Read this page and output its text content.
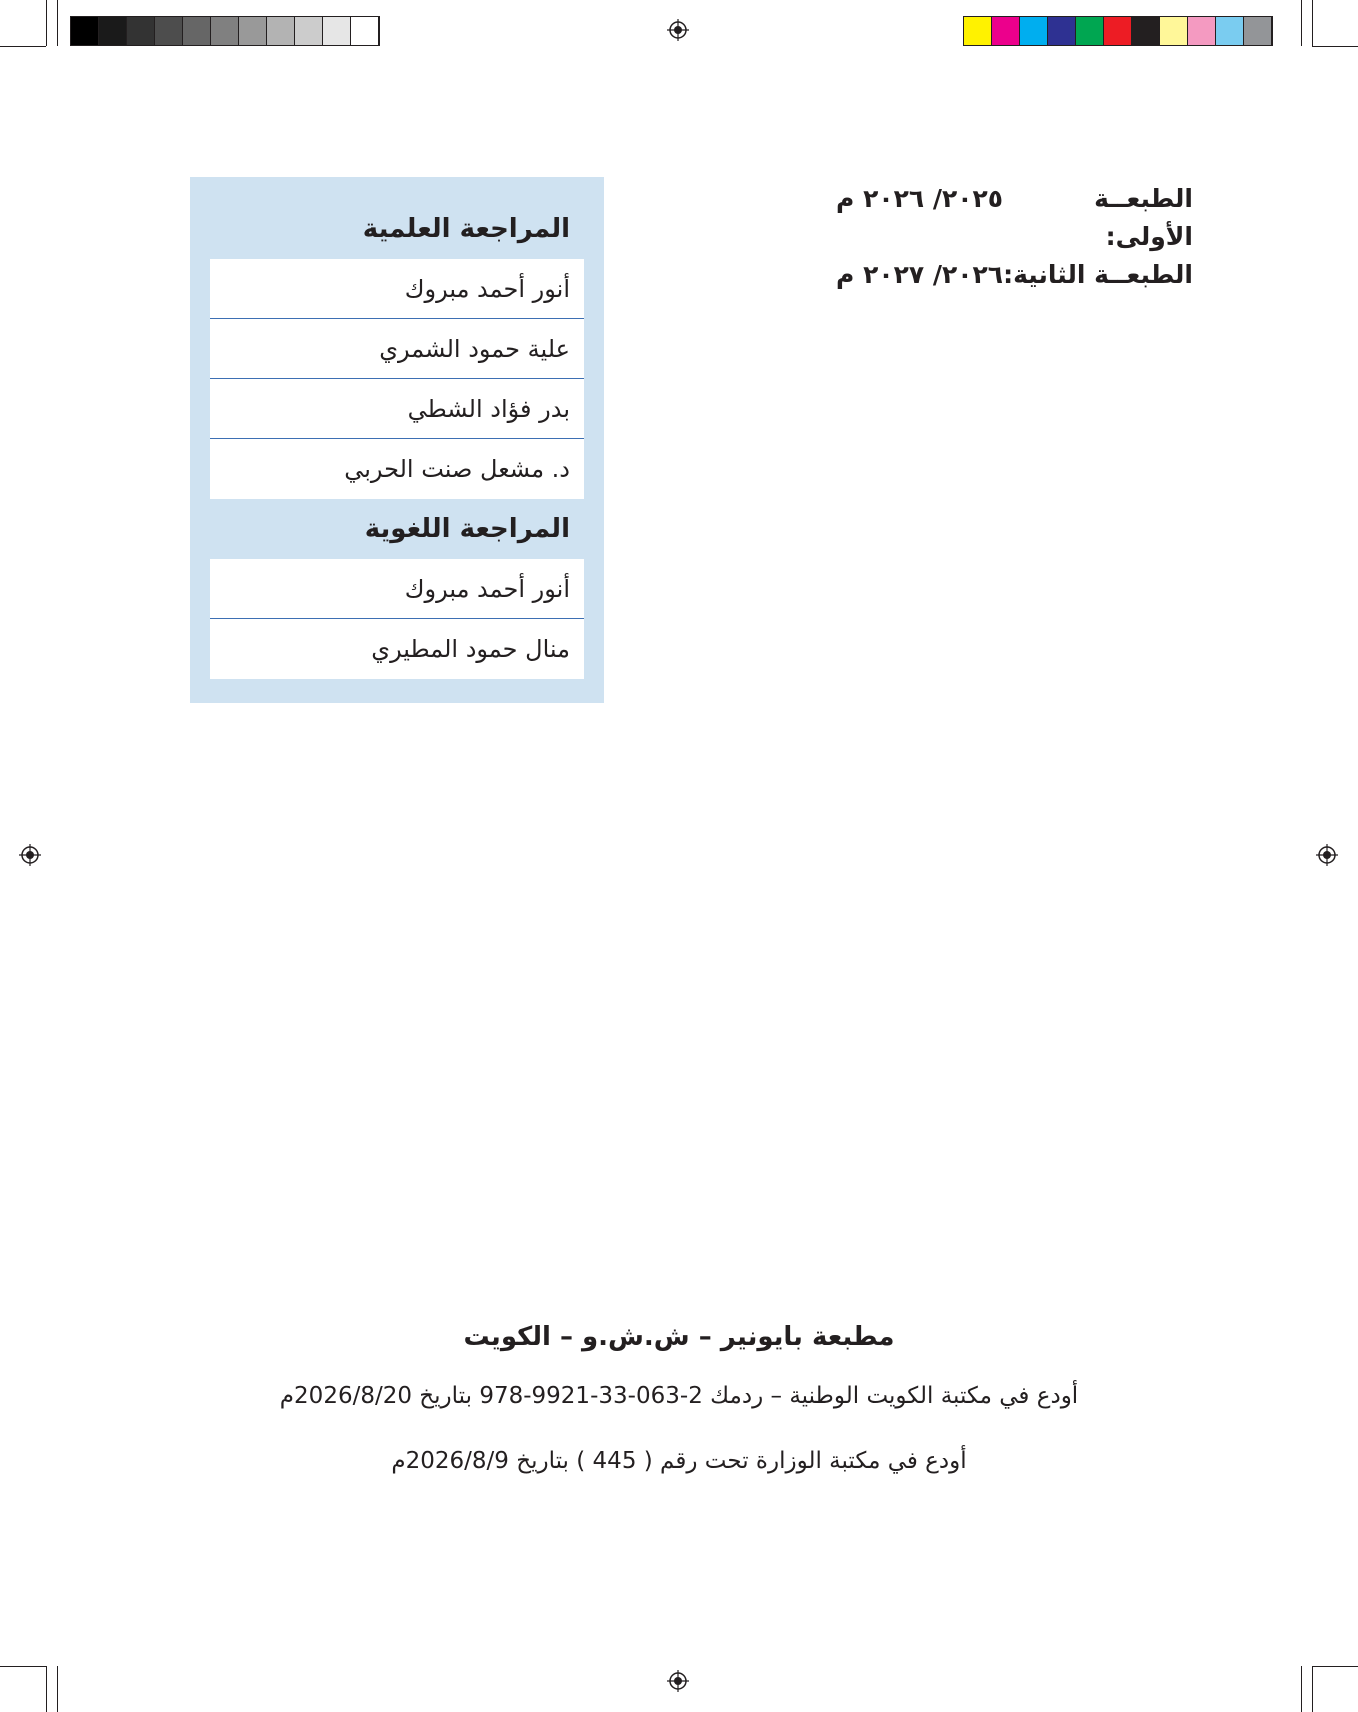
الطبعــة الأولى:
٢٠٢٥/ ٢٠٢٦ م
الطبعــة الثانية:
٢٠٢٦/ ٢٠٢٧ م
المراجعة العلمية
أنور أحمد مبروك
علية حمود الشمري
بدر فؤاد الشطي
د. مشعل صنت الحربي
المراجعة اللغوية
أنور أحمد مبروك
منال حمود المطيري
مطبعة بايونير – ش.ش.و – الكويت
أودع في مكتبة الكويت الوطنية – ردمك 2-063-33-9921-978 بتاريخ 2026/8/20م
أودع في مكتبة الوزارة تحت رقم ( 445 ) بتاريخ 2026/8/9م
